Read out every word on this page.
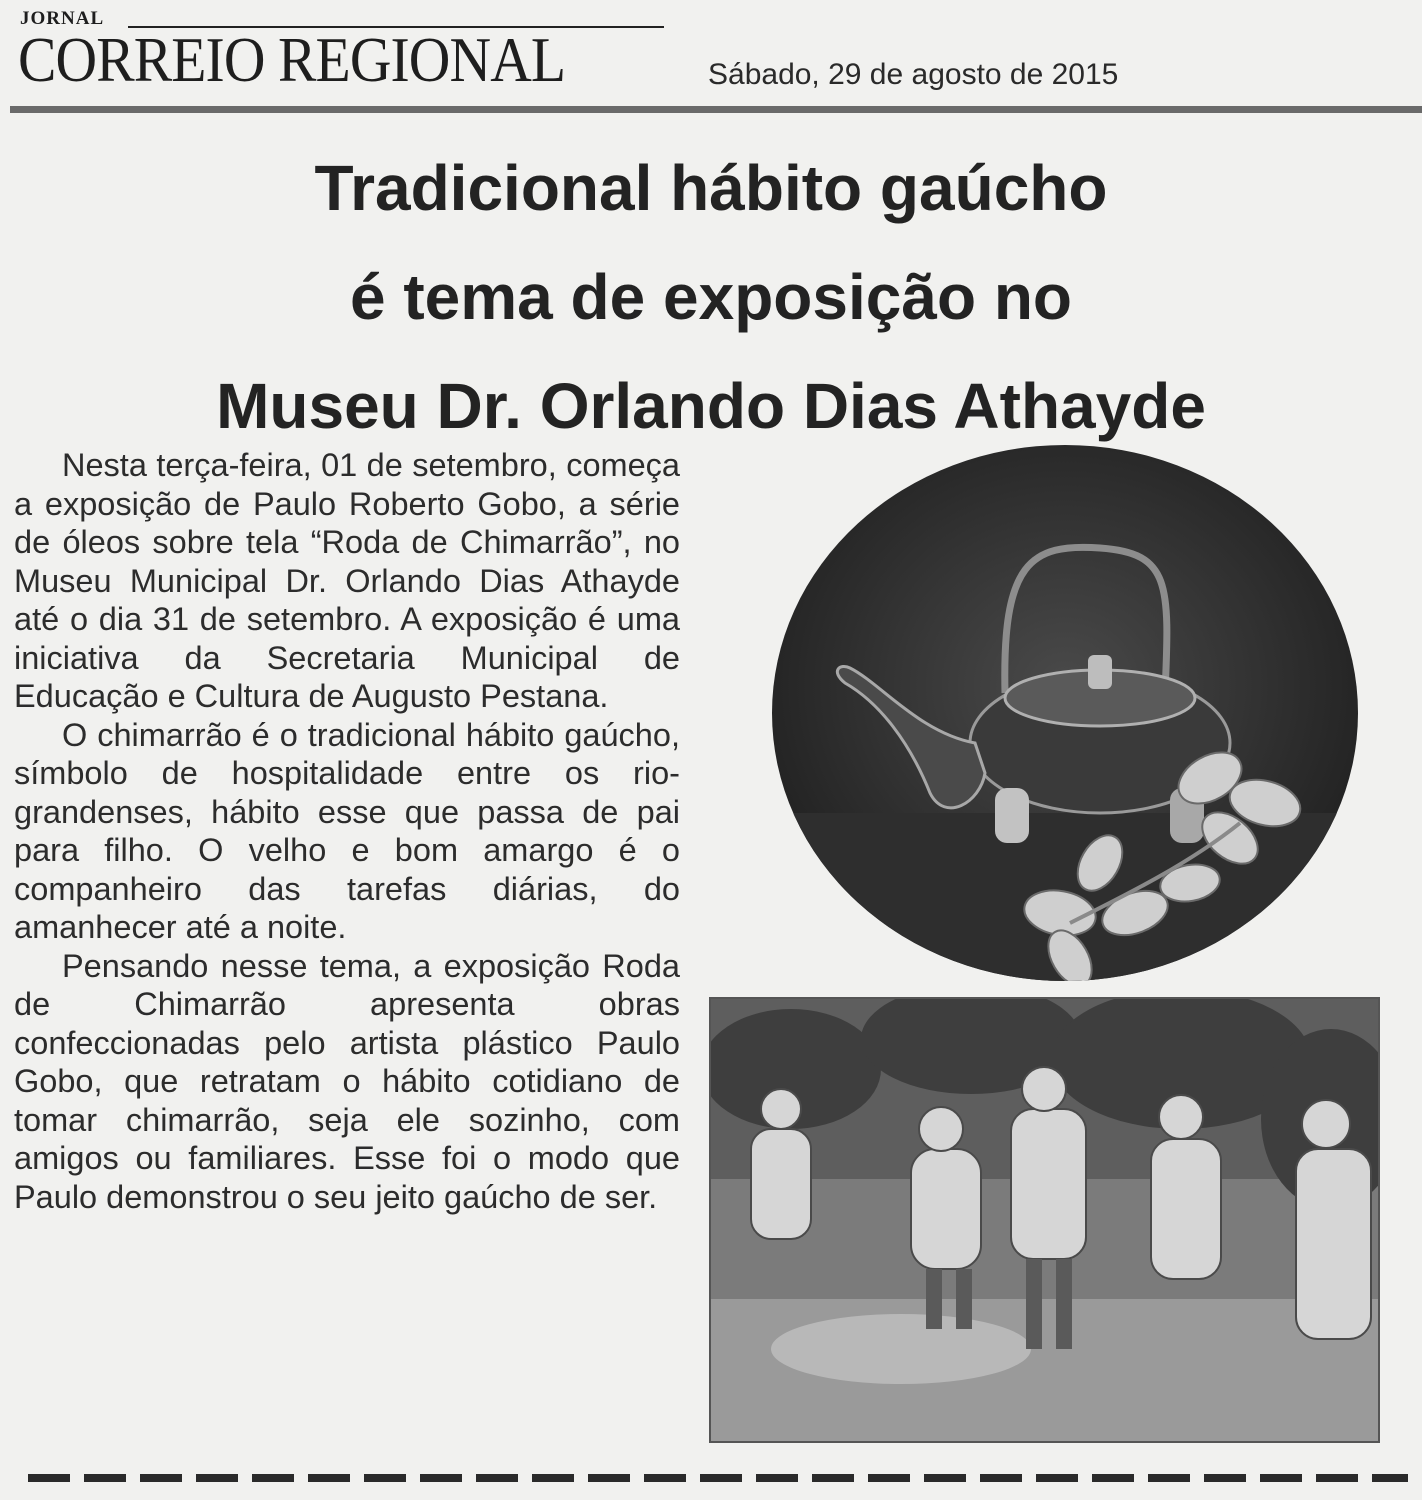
JORNAL
CORREIO REGIONAL	Sábado, 29 de agosto de 2015
Tradicional hábito gaúcho
é tema de exposição no
Museu Dr. Orlando Dias Athayde

Nesta terça-feira, 01 de setembro, começa a exposição de Paulo Roberto Gobo, a série de óleos sobre tela “Roda de Chimarrão”, no Museu Municipal Dr. Orlando Dias Athayde até o dia 31 de setembro. A exposição é uma iniciativa da Secretaria Municipal de Educação e Cultura de Augusto Pestana.

O chimarrão é o tradicional hábito gaúcho, símbolo de hospitalidade entre os rio-grandenses, hábito esse que passa de pai para filho. O velho e bom amargo é o companheiro das tarefas diárias, do amanhecer até a noite.

Pensando nesse tema, a exposição Roda de Chimarrão apresenta obras confeccionadas pelo artista plástico Paulo Gobo, que retratam o hábito cotidiano de tomar chimarrão, seja ele sozinho, com amigos ou familiares. Esse foi o modo que Paulo demonstrou o seu jeito gaúcho de ser.
